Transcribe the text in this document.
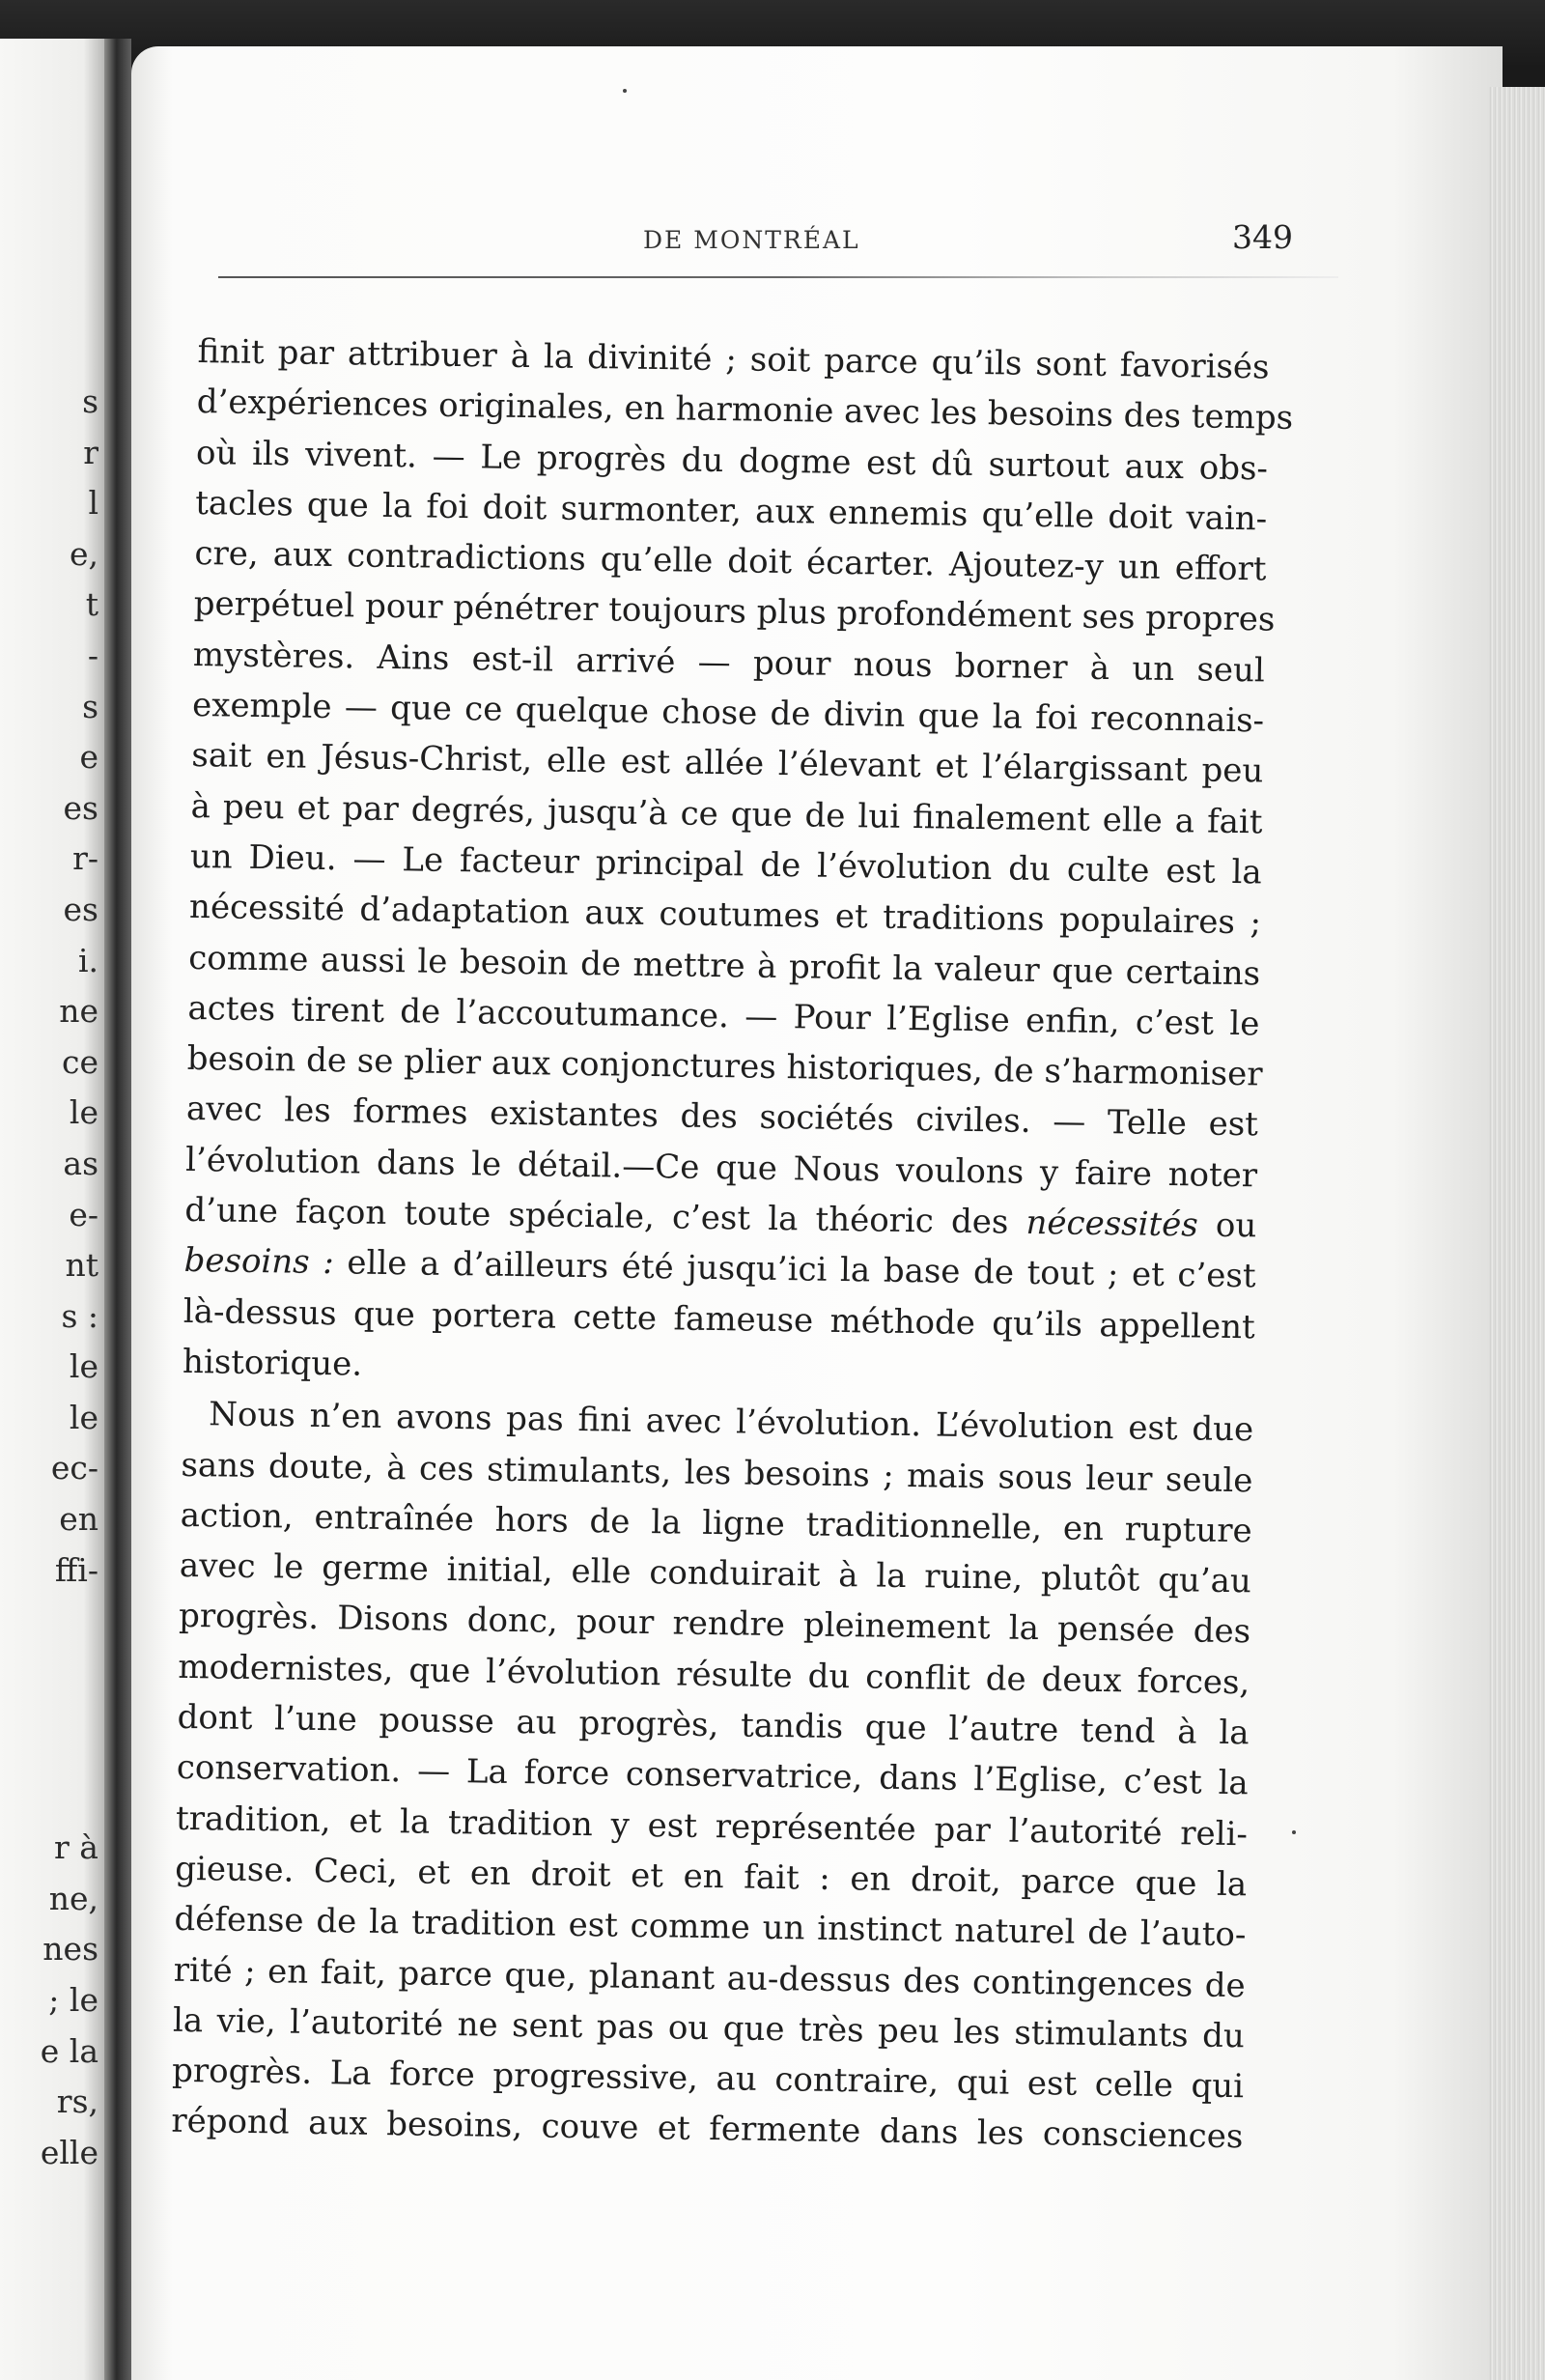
s
r
l
e,
t
-
s
e
es
r-
es
i.
ne
ce
le
as
e-
nt
s :
le
le
ec-
en
ffi-
r à
ne,
nes
; le
e la
rs,
elle
DE MONTRÉAL	349
finit par attribuer à la divinité ; soit parce qu’ils sont favorisés
d’expériences originales, en harmonie avec les besoins des temps
où ils vivent. — Le progrès du dogme est dû surtout aux obs-
tacles que la foi doit surmonter, aux ennemis qu’elle doit vain-
cre, aux contradictions qu’elle doit écarter. Ajoutez-y un effort
perpétuel pour pénétrer toujours plus profondément ses propres
mystères. Ains est-il arrivé — pour nous borner à un seul
exemple — que ce quelque chose de divin que la foi reconnais-
sait en Jésus-Christ, elle est allée l’élevant et l’élargissant peu
à peu et par degrés, jusqu’à ce que de lui finalement elle a fait
un Dieu. — Le facteur principal de l’évolution du culte est la
nécessité d’adaptation aux coutumes et traditions populaires ;
comme aussi le besoin de mettre à profit la valeur que certains
actes tirent de l’accoutumance. — Pour l’Eglise enfin, c’est le
besoin de se plier aux conjonctures historiques, de s’harmoniser
avec les formes existantes des sociétés civiles. — Telle est
l’évolution dans le détail.—Ce que Nous voulons y faire noter
d’une façon toute spéciale, c’est la théoric des nécessités ou
besoins : elle a d’ailleurs été jusqu’ici la base de tout ; et c’est
là-dessus que portera cette fameuse méthode qu’ils appellent
historique.
Nous n’en avons pas fini avec l’évolution. L’évolution est due
sans doute, à ces stimulants, les besoins ; mais sous leur seule
action, entraînée hors de la ligne traditionnelle, en rupture
avec le germe initial, elle conduirait à la ruine, plutôt qu’au
progrès. Disons donc, pour rendre pleinement la pensée des
modernistes, que l’évolution résulte du conflit de deux forces,
dont l’une pousse au progrès, tandis que l’autre tend à la
conservation. — La force conservatrice, dans l’Eglise, c’est la
tradition, et la tradition y est représentée par l’autorité reli-
gieuse. Ceci, et en droit et en fait : en droit, parce que la
défense de la tradition est comme un instinct naturel de l’auto-
rité ; en fait, parce que, planant au-dessus des contingences de
la vie, l’autorité ne sent pas ou que très peu les stimulants du
progrès. La force progressive, au contraire, qui est celle qui
répond aux besoins, couve et fermente dans les consciences
